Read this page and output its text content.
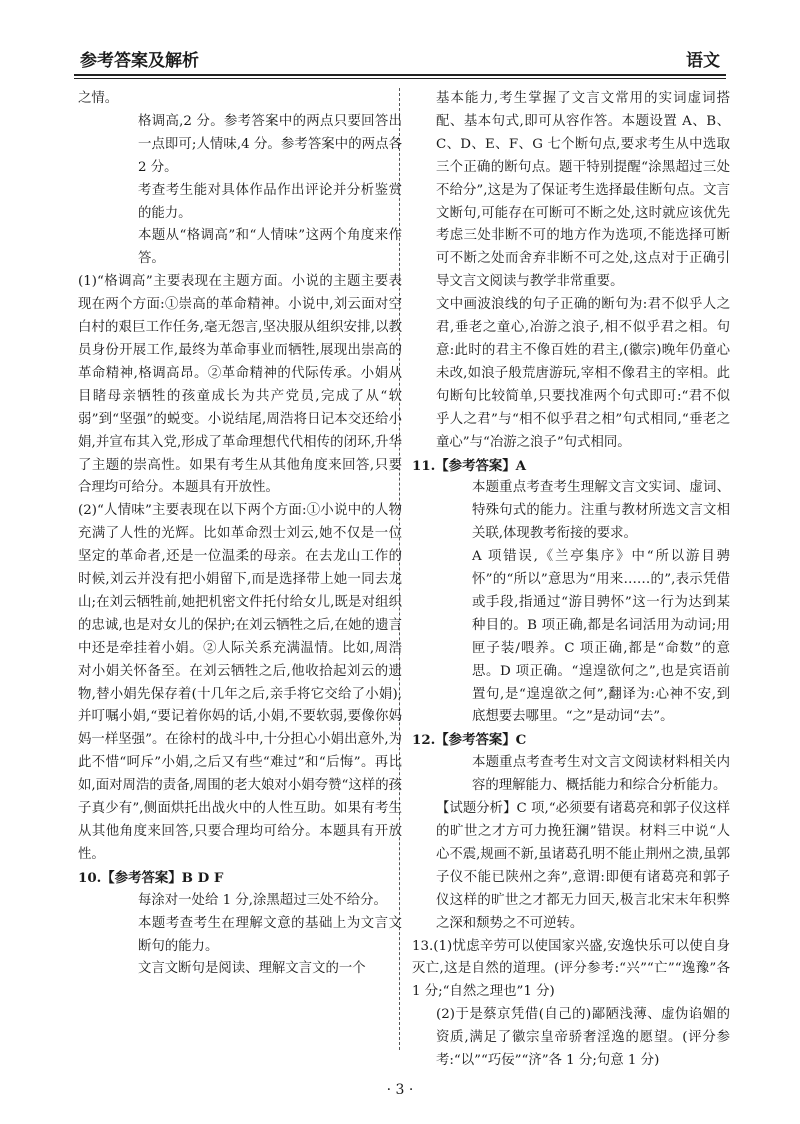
参考答案及解析	语文

之情。

格调高,2 分。参考答案中的两点只要回答出一点即可;人情味,4 分。参考答案中的两点各 2 分。

考查考生能对具体作品作出评论并分析鉴赏的能力。

本题从“格调高”和“人情味”这两个角度来作答。

(1)“格调高”主要表现在主题方面。小说的主题主要表现在两个方面:①崇高的革命精神。小说中,刘云面对空白村的艰巨工作任务,毫无怨言,坚决服从组织安排,以教员身份开展工作,最终为革命事业而牺牲,展现出崇高的革命精神,格调高昂。②革命精神的代际传承。小娟从目睹母亲牺牲的孩童成长为共产党员,完成了从“软弱”到“坚强”的蜕变。小说结尾,周浩将日记本交还给小娟,并宣布其入党,形成了革命理想代代相传的闭环,升华了主题的崇高性。如果有考生从其他角度来回答,只要合理均可给分。本题具有开放性。

(2)“人情味”主要表现在以下两个方面:①小说中的人物充满了人性的光辉。比如革命烈士刘云,她不仅是一位坚定的革命者,还是一位温柔的母亲。在去龙山工作的时候,刘云并没有把小娟留下,而是选择带上她一同去龙山;在刘云牺牲前,她把机密文件托付给女儿,既是对组织的忠诚,也是对女儿的保护;在刘云牺牲之后,在她的遗言中还是牵挂着小娟。②人际关系充满温情。比如,周浩对小娟关怀备至。在刘云牺牲之后,他收拾起刘云的遗物,替小娟先保存着(十几年之后,亲手将它交给了小娟),并叮嘱小娟,“要记着你妈的话,小娟,不要软弱,要像你妈妈一样坚强”。在徐村的战斗中,十分担心小娟出意外,为此不惜“呵斥”小娟,之后又有些“难过”和“后悔”。再比如,面对周浩的责备,周围的老大娘对小娟夸赞“这样的孩子真少有”,侧面烘托出战火中的人性互助。如果有考生从其他角度来回答,只要合理均可给分。本题具有开放性。

10.【参考答案】B D F

每涂对一处给 1 分,涂黑超过三处不给分。

本题考查考生在理解文意的基础上为文言文断句的能力。

文言文断句是阅读、理解文言文的一个

基本能力,考生掌握了文言文常用的实词虚词搭配、基本句式,即可从容作答。本题设置 A、B、C、D、E、F、G 七个断句点,要求考生从中选取三个正确的断句点。题干特别提醒“涂黑超过三处不给分”,这是为了保证考生选择最佳断句点。文言文断句,可能存在可断可不断之处,这时就应该优先考虑三处非断不可的地方作为选项,不能选择可断可不断之处而舍弃非断不可之处,这点对于正确引导文言文阅读与教学非常重要。

文中画波浪线的句子正确的断句为:君不似乎人之君,垂老之童心,冶游之浪子,相不似乎君之相。句意:此时的君主不像百姓的君主,(徽宗)晚年仍童心未改,如浪子般荒唐游玩,宰相不像君主的宰相。此句断句比较简单,只要找准两个句式即可:“君不似乎人之君”与“相不似乎君之相”句式相同,“垂老之童心”与“冶游之浪子”句式相同。

11.【参考答案】A

本题重点考查考生理解文言文实词、虚词、特殊句式的能力。注重与教材所选文言文相关联,体现教考衔接的要求。

A 项错误,《兰亭集序》中“所以游目骋怀”的“所以”意思为“用来……的”,表示凭借或手段,指通过“游目骋怀”这一行为达到某种目的。B 项正确,都是名词活用为动词;用匣子装/喂养。C 项正确,都是“命数”的意思。D 项正确。“遑遑欲何之”,也是宾语前置句,是“遑遑欲之何”,翻译为:心神不安,到底想要去哪里。“之”是动词“去”。

12.【参考答案】C

本题重点考查考生对文言文阅读材料相关内容的理解能力、概括能力和综合分析能力。

【试题分析】C 项,“必须要有诸葛亮和郭子仪这样的旷世之才方可力挽狂澜”错误。材料三中说“人心不震,规画不新,虽诸葛孔明不能止荆州之溃,虽郭子仪不能已陕州之奔”,意谓:即便有诸葛亮和郭子仪这样的旷世之才都无力回天,极言北宋末年积弊之深和颓势之不可逆转。

13.(1)忧虑辛劳可以使国家兴盛,安逸快乐可以使自身灭亡,这是自然的道理。(评分参考:“兴”“亡”“逸豫”各 1 分;“自然之理也”1 分)

(2)于是蔡京凭借(自己的)鄙陋浅薄、虚伪谄媚的资质,满足了徽宗皇帝骄奢淫逸的愿望。(评分参考:“以”“巧佞”“济”各 1 分;句意 1 分)

· 3 ·
